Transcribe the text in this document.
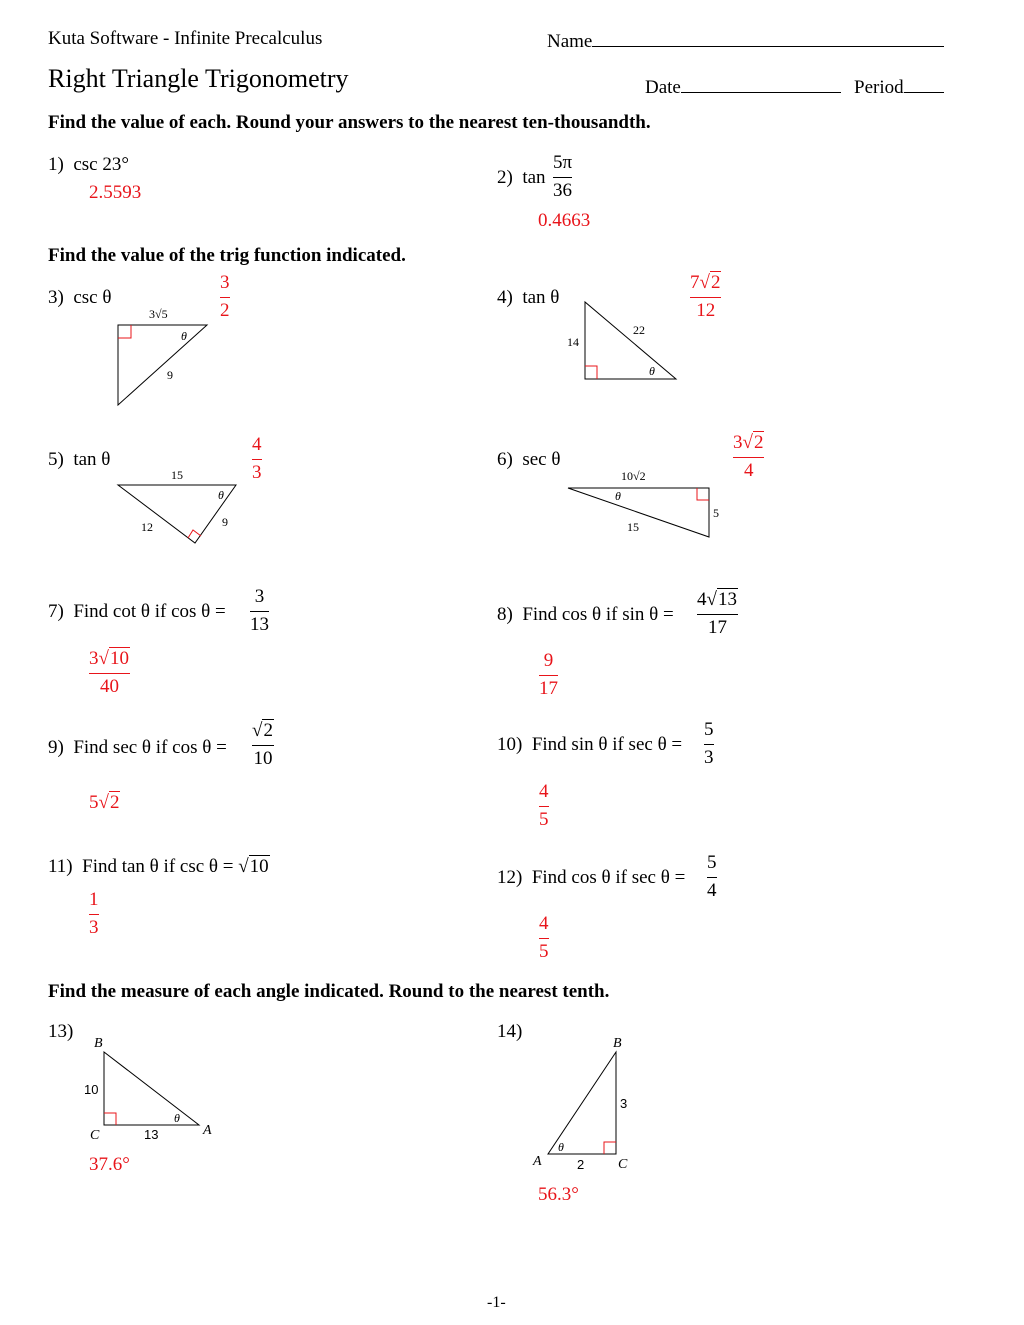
Kuta Software - Infinite Precalculus	Name
Right Triangle Trigonometry	Date	Period
Find the value of each. Round your answers to the nearest ten-thousandth.
1) csc 23°
2.5593
2) tan
5π
36
0.4663
Find the value of the trig function indicated.
3) csc θ
3
2
3√5
9
θ
4) tan θ
7√2
12
14
22
θ
5) tan θ
4
3
15
12	9
θ
6) sec θ
3√2
4
10√2
15
5
θ
7) Find cot θ if cos θ =
3
13
3√10
40
8) Find cos θ if sin θ =
4√13
17
9
17
9) Find sec θ if cos θ =
√2
10
5√2
10) Find sin θ if sec θ =
5
3
4
5
11) Find tan θ if csc θ = √10
1
3
12) Find cos θ if sec θ =
5
4
4
5
Find the measure of each angle indicated. Round to the nearest tenth.
13)
B
C	A
10
13
θ
37.6°
14)
B
C
A
3
2
θ
56.3°
-1-
